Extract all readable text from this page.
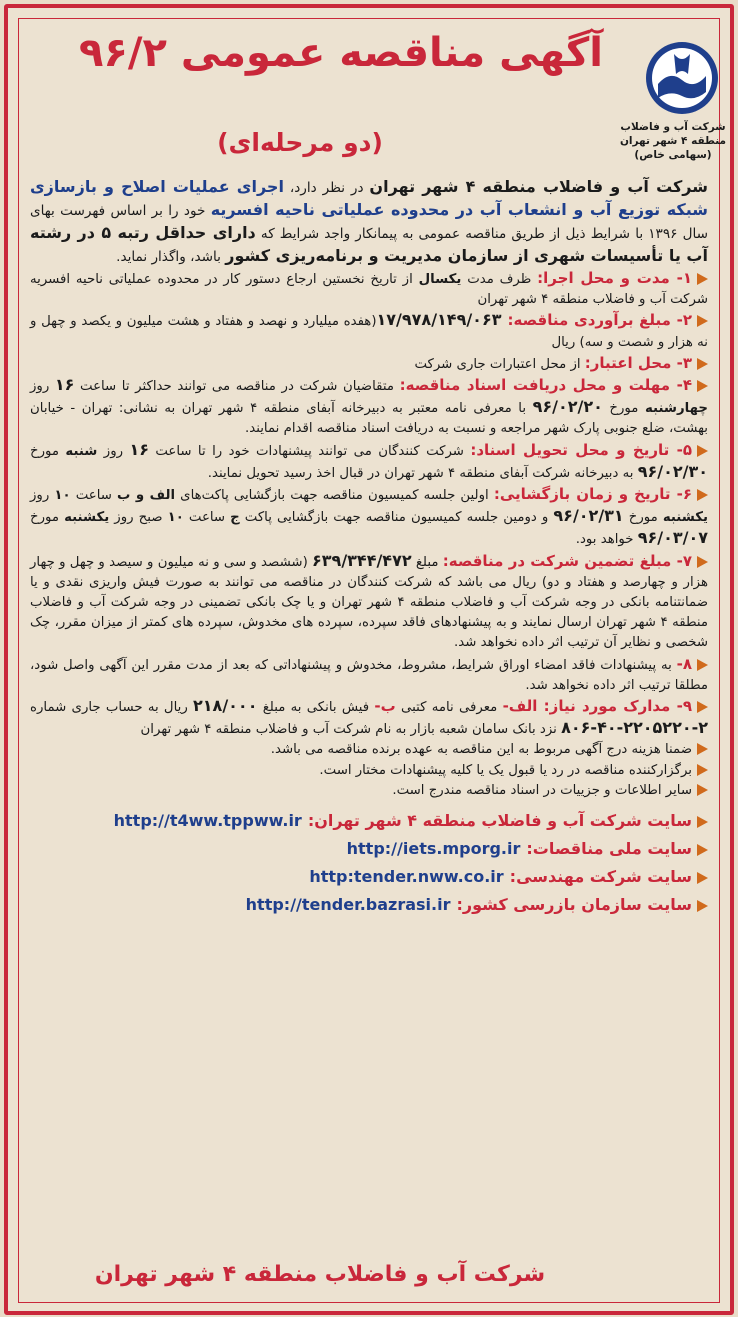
شرکت آب و فاضلاب
منطقه ۴ شهر تهران
(سهامی خاص)
آگهی مناقصه عمومی ۹۶/۲
(دو مرحله‌ای)

شرکت آب و فاضلاب منطقه ۴ شهر تهران در نظر دارد، اجرای عملیات اصلاح و بازسازی شبکه توزیع آب و انشعاب آب در محدوده عملیاتی ناحیه افسریه خود را بر اساس فهرست بهای سال ۱۳۹۶ با شرایط ذیل از طریق مناقصه عمومی به پیمانکار واجد شرایط که دارای حداقل رتبه ۵ در رشته آب یا تأسیسات شهری از سازمان مدیریت و برنامه‌ریزی کشور باشد، واگذار نماید.

۱- مدت و محل اجرا: ظرف مدت یکسال از تاریخ نخستین ارجاع دستور کار در محدوده عملیاتی ناحیه افسریه شرکت آب و فاضلاب منطقه ۴ شهر تهران

۲- مبلغ برآوردی مناقصه: ۱۷/۹۷۸/۱۴۹/۰۶۳(هفده میلیارد و نهصد و هفتاد و هشت میلیون و یکصد و چهل و نه هزار و شصت و سه) ریال

۳- محل اعتبار: از محل اعتبارات جاری شرکت

۴- مهلت و محل دریافت اسناد مناقصه: متقاضیان شرکت در مناقصه می توانند حداکثر تا ساعت ۱۶ روز چهارشنبه مورخ ۹۶/۰۲/۲۰ با معرفی نامه معتبر به دبیرخانه آبفای منطقه ۴ شهر تهران به نشانی: تهران - خیابان بهشت، ضلع جنوبی پارک شهر مراجعه و نسبت به دریافت اسناد مناقصه اقدام نمایند.

۵- تاریخ و محل تحویل اسناد: شرکت کنندگان می توانند پیشنهادات خود را تا ساعت ۱۶ روز شنبه مورخ ۹۶/۰۲/۳۰ به دبیرخانه شرکت آبفای منطقه ۴ شهر تهران در قبال اخذ رسید تحویل نمایند.

۶- تاریخ و زمان بازگشایی: اولین جلسه کمیسیون مناقصه جهت بازگشایی پاکت‌های الف و ب ساعت ۱۰ روز یکشنبه مورخ ۹۶/۰۲/۳۱ و دومین جلسه کمیسیون مناقصه جهت بازگشایی پاکت ج ساعت ۱۰ صبح روز یکشنبه مورخ ۹۶/۰۳/۰۷ خواهد بود.

۷- مبلغ تضمین شرکت در مناقصه: مبلغ ۶۳۹/۳۴۴/۴۷۲ (ششصد و سی و نه میلیون و سیصد و چهل و چهار هزار و چهارصد و هفتاد و دو) ریال می باشد که شرکت کنندگان در مناقصه می توانند به صورت فیش واریزی نقدی و یا ضمانتنامه بانکی در وجه شرکت آب و فاضلاب منطقه ۴ شهر تهران و یا چک بانکی تضمینی در وجه شرکت آب و فاضلاب منطقه ۴ شهر تهران ارسال نمایند و به پیشنهادهای فاقد سپرده، سپرده های مخدوش، سپرده های کمتر از میزان مقرر، چک شخصی و نظایر آن ترتیب اثر داده نخواهد شد.

۸- به پیشنهادات فاقد امضاء اوراق شرایط، مشروط، مخدوش و پیشنهاداتی که بعد از مدت مقرر این آگهی واصل شود، مطلقا ترتیب اثر داده نخواهد شد.

۹- مدارک مورد نیاز: الف- معرفی نامه کتبی ب- فیش بانکی به مبلغ ۲۱۸/۰۰۰ ریال به حساب جاری شماره ۲-۲۲۰۵۲۲۰-۴۰-۸۰۶ نزد بانک سامان شعبه بازار به نام شرکت آب و فاضلاب منطقه ۴ شهر تهران

ضمنا هزینه درج آگهی مربوط به این مناقصه به عهده برنده مناقصه می باشد.

برگزارکننده مناقصه در رد یا قبول یک یا کلیه پیشنهادات مختار است.

سایر اطلاعات و جزییات در اسناد مناقصه مندرج است.

سایت شرکت آب و فاضلاب منطقه ۴ شهر تهران:http://t4ww.tppww.ir
سایت ملی مناقصات:http://iets.mporg.ir
سایت شرکت مهندسی:http:tender.nww.co.ir
سایت سازمان بازرسی کشور:http://tender.bazrasi.ir
شرکت آب و فاضلاب منطقه ۴ شهر تهران
